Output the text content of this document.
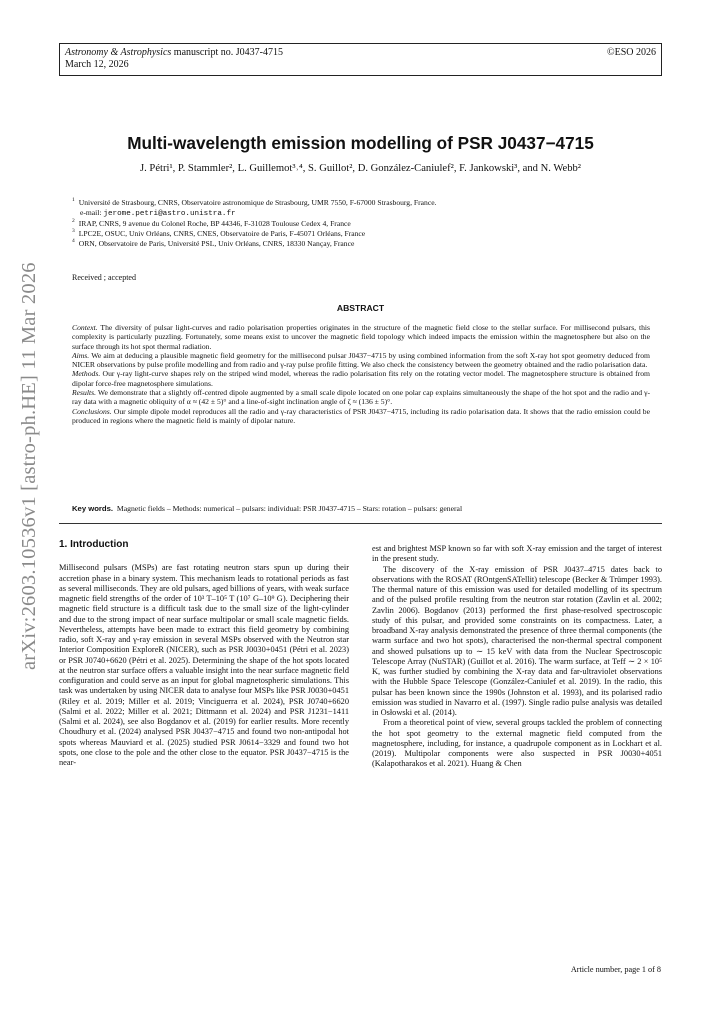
Astronomy & Astrophysics manuscript no. J0437-4715
March 12, 2026
©ESO 2026
arXiv:2603.10536v1 [astro-ph.HE] 11 Mar 2026
Multi-wavelength emission modelling of PSR J0437−4715
J. Pétri¹, P. Stammler², L. Guillemot³˒⁴, S. Guillot², D. González-Caniulef², F. Jankowski³, and N. Webb²
$^1$ Université de Strasbourg, CNRS, Observatoire astronomique de Strasbourg, UMR 7550, F-67000 Strasbourg, France.
e-mail: jerome.petri@astro.unistra.fr
$^2$ IRAP, CNRS, 9 avenue du Colonel Roche, BP 44346, F-31028 Toulouse Cedex 4, France
$^3$ LPC2E, OSUC, Univ Orléans, CNRS, CNES, Observatoire de Paris, F-45071 Orléans, France
$^4$ ORN, Observatoire de Paris, Université PSL, Univ Orléans, CNRS, 18330 Nançay, France
Received ; accepted
ABSTRACT

Context. The diversity of pulsar light-curves and radio polarisation properties originates in the structure of the magnetic field close to the stellar surface. For millisecond pulsars, this complexity is particularly puzzling. Fortunately, some means exist to uncover the magnetic field topology which indeed impacts the emission within the magnetosphere but also on the surface through its hot spot thermal radiation.

Aims. We aim at deducing a plausible magnetic field geometry for the millisecond pulsar J0437−4715 by using combined information from the soft X-ray hot spot geometry deduced from NICER observations by pulse profile modelling and from radio and γ-ray pulse profile fitting. We also check the consistency between the geometry obtained and the radio polarisation data.

Methods. Our γ-ray light-curve shapes rely on the striped wind model, whereas the radio polarisation fits rely on the rotating vector model. The magnetosphere structure is obtained from dipolar force-free magnetosphere simulations.

Results. We demonstrate that a slightly off-centred dipole augmented by a small scale dipole located on one polar cap explains simultaneously the shape of the hot spot and the radio and γ-ray data with a magnetic obliquity of α ≈ (42 ± 5)° and a line-of-sight inclination angle of ζ ≈ (136 ± 5)°.

Conclusions. Our simple dipole model reproduces all the radio and γ-ray characteristics of PSR J0437−4715, including its radio polarisation data. It shows that the radio emission could be produced in regions where the magnetic field is mainly of dipolar nature.

Key words. Magnetic fields – Methods: numerical – pulsars: individual: PSR J0437-4715 – Stars: rotation – pulsars: general
1. Introduction

Millisecond pulsars (MSPs) are fast rotating neutron stars spun up during their accretion phase in a binary system. This mechanism leads to rotational periods as fast as several milliseconds. They are old pulsars, aged billions of years, with weak surface magnetic field strengths of the order of 10³ T–10⁵ T (10⁷ G–10⁹ G). Deciphering their magnetic field structure is a difficult task due to the small size of the light-cylinder and due to the strong impact of near surface multipolar or small scale magnetic fields. Nevertheless, attempts have been made to extract this field geometry by combining radio, soft X-ray and γ-ray emission in several MSPs observed with the Neutron star Interior Composition ExploreR (NICER), such as PSR J0030+0451 (Pétri et al. 2023) or PSR J0740+6620 (Pétri et al. 2025). Determining the shape of the hot spots located at the neutron star surface offers a valuable insight into the near surface magnetic field configuration and could serve as an input for global magnetospheric simulations. This task was undertaken by using NICER data to analyse four MSPs like PSR J0030+0451 (Riley et al. 2019; Miller et al. 2019; Vinciguerra et al. 2024), PSR J0740+6620 (Salmi et al. 2022; Miller et al. 2021; Dittmann et al. 2024) and PSR J1231−1411 (Salmi et al. 2024), see also Bogdanov et al. (2019) for earlier results. More recently Choudhury et al. (2024) analysed PSR J0437−4715 and found two non-antipodal hot spots whereas Mauviard et al. (2025) studied PSR J0614−3329 and found two hot spots, one close to the pole and the other close to the equator. PSR J0437−4715 is the near-

est and brightest MSP known so far with soft X-ray emission and the target of interest in the present study.

The discovery of the X-ray emission of PSR J0437–4715 dates back to observations with the ROSAT (ROntgenSATellit) telescope (Becker & Trümper 1993). The thermal nature of this emission was used for detailed modelling of its spectrum and of the pulsed profile resulting from the neutron star rotation (Zavlin et al. 2002; Zavlin 2006). Bogdanov (2013) performed the first phase-resolved spectroscopic study of this pulsar, and provided some constraints on its compactness. Later, a broadband X-ray analysis demonstrated the presence of three thermal components (the warm surface and two hot spots), characterised the non-thermal spectral component and showed pulsations up to ∼ 15 keV with data from the Nuclear Spectroscopic Telescope Array (NuSTAR) (Guillot et al. 2016). The warm surface, at Teff ∼ 2 × 10⁵ K, was further studied by combining the X-ray data and far-ultraviolet observations with the Hubble Space Telescope (González-Caniulef et al. 2019). In the radio, this pulsar has been known since the 1990s (Johnston et al. 1993), and its polarised radio emission was studied in Navarro et al. (1997). Single radio pulse analysis was detailed in Osłowski et al. (2014).

From a theoretical point of view, several groups tackled the problem of connecting the hot spot geometry to the external magnetic field computed from the magnetosphere, including, for instance, a quadrupole component as in Lockhart et al. (2019). Multipolar components were also suspected in PSR J0030+4051 (Kalapotharakos et al. 2021). Huang & Chen

Article number, page 1 of 8
